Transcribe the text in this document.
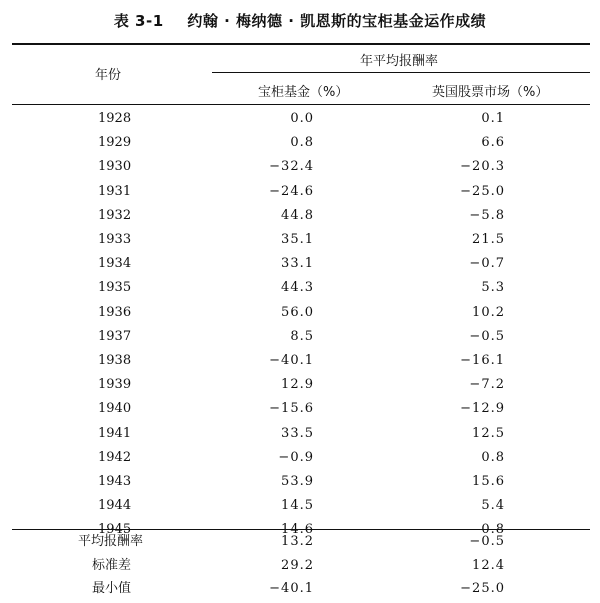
表 3-1 约翰 · 梅纳德 · 凯恩斯的宝柜基金运作成绩
年份
年平均报酬率
宝柜基金（%）	英国股票市场（%）
1928	0.0	0.1
1929	0.8	6.6
1930	−32.4	−20.3
1931	−24.6	−25.0
1932	44.8	−5.8
1933	35.1	21.5
1934	33.1	−0.7
1935	44.3	5.3
1936	56.0	10.2
1937	8.5	−0.5
1938	−40.1	−16.1
1939	12.9	−7.2
1940	−15.6	−12.9
1941	33.5	12.5
1942	−0.9	0.8
1943	53.9	15.6
1944	14.5	5.4
1945	14.6	0.8
平均报酬率	13.2	−0.5
标准差	29.2	12.4
最小值	−40.1	−25.0
